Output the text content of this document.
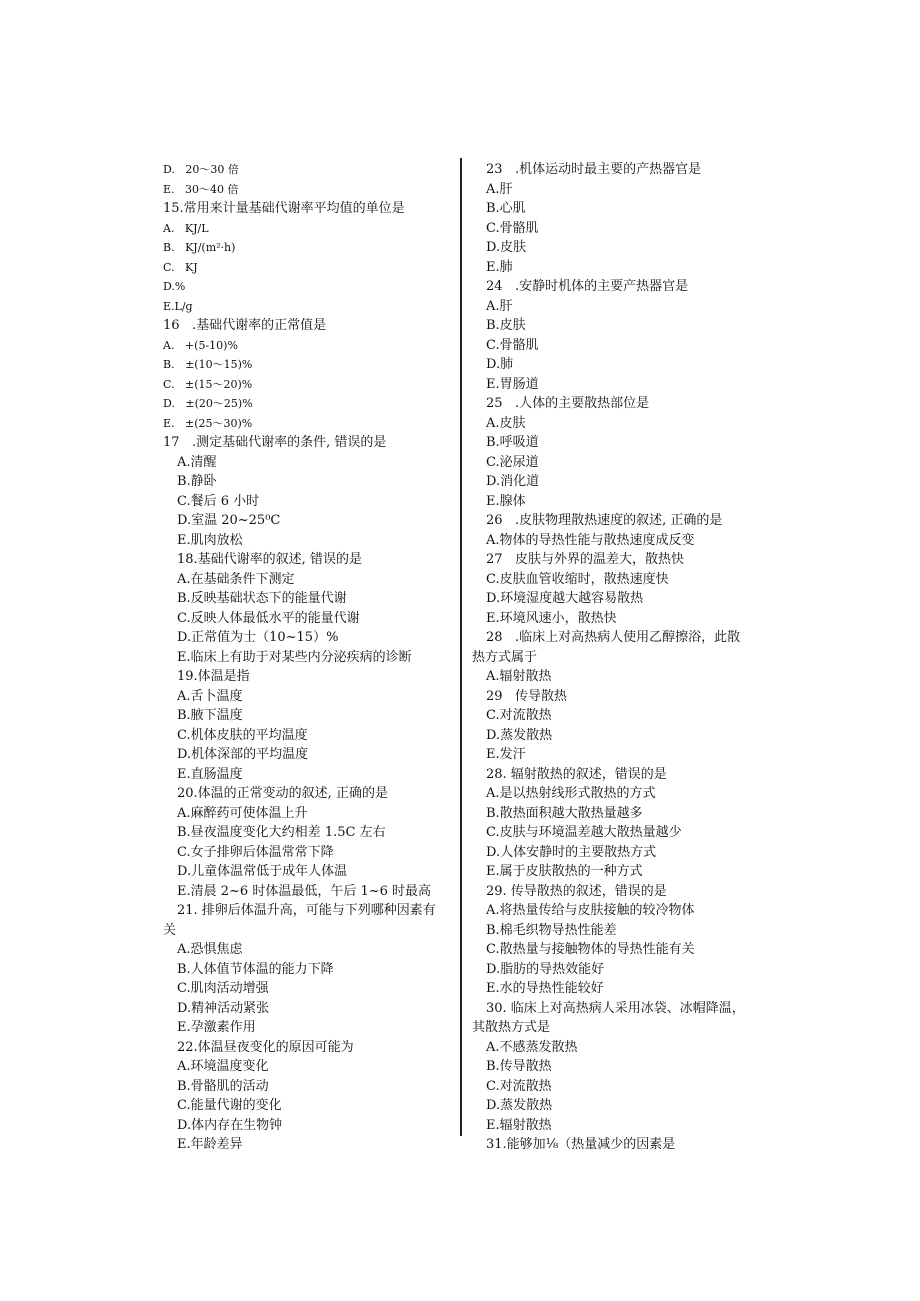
D.   20～30 倍
E.   30～40 倍
15.常用来计量基础代谢率平均值的单位是
A.   KJ/L
B.   KJ/(m²·h)
C.   KJ
D.%
E.L/g
16   .基础代谢率的正常值是
A.   +(5-10)%
B.   ±(10～15)%
C.   ±(15～20)%
D.   ±(20～25)%
E.   ±(25～30)%
17   .测定基础代谢率的条件, 错误的是
A.清醒
B.静卧
C.餐后 6 小时
D.室温 20~25⁰C
E.肌肉放松
18.基础代谢率的叙述, 错误的是
A.在基础条件下测定
B.反映基础状态下的能量代谢
C.反映人体最低水平的能量代谢
D.正常值为士（10~15）%
E.临床上有助于对某些内分泌疾病的诊断
19.体温是指
A.舌卜温度
B.腋下温度
C.机体皮肤的平均温度
D.机体深部的平均温度
E.直肠温度
20.体温的正常变动的叙述, 正确的是
A.麻醉药可使体温上升
B.昼夜温度变化大约相差 1.5C 左右
C.女子排卵后体温常常下降
D.儿童体温常低于成年人体温
E.清晨 2~6 时体温最低，午后 1~6 时最高
21. 排卵后体温升高，可能与下列哪种因素有
关
A.恐惧焦虑
B.人体值节体温的能力下降
C.肌肉活动增强
D.精神活动紧张
E.孕激素作用
22.体温昼夜变化的原因可能为
A.环境温度变化
B.骨骼肌的活动
C.能量代谢的变化
D.体内存在生物钟
E.年龄差异
23   .机体运动时最主要的产热器官是
A.肝
B.心肌
C.骨骼肌
D.皮肤
E.肺
24   .安静时机体的主要产热器官是
A.肝
B.皮肤
C.骨骼肌
D.肺
E.胃肠道
25   .人体的主要散热部位是
A.皮肤
B.呼吸道
C.泌尿道
D.消化道
E.腺体
26   .皮肤物理散热速度的叙述, 正确的是
A.物体的导热性能与散热速度成反变
27   皮肤与外界的温差大，散热快
C.皮肤血管收缩时，散热速度快
D.环境湿度越大越容易散热
E.环境风速小，散热快
28   .临床上对高热病人使用乙醇擦浴，此散
热方式属于
A.辐射散热
29   传导散热
C.对流散热
D.蒸发散热
E.发汗
28. 辐射散热的叙述，错误的是
A.是以热射线形式散热的方式
B.散热面积越大散热量越多
C.皮肤与环境温差越大散热量越少
D.人体安静时的主要散热方式
E.属于皮肤散热的一种方式
29. 传导散热的叙述，错误的是
A.将热量传给与皮肤接触的较冷物体
B.棉毛织物导热性能差
C.散热量与接触物体的导热性能有关
D.脂肪的导热效能好
E.水的导热性能较好
30. 临床上对高热病人采用冰袋、冰帽降温，
其散热方式是
A.不感蒸发散热
B.传导散热
C.对流散热
D.蒸发散热
E.辐射散热
31.能够加⅛（热量减少的因素是
